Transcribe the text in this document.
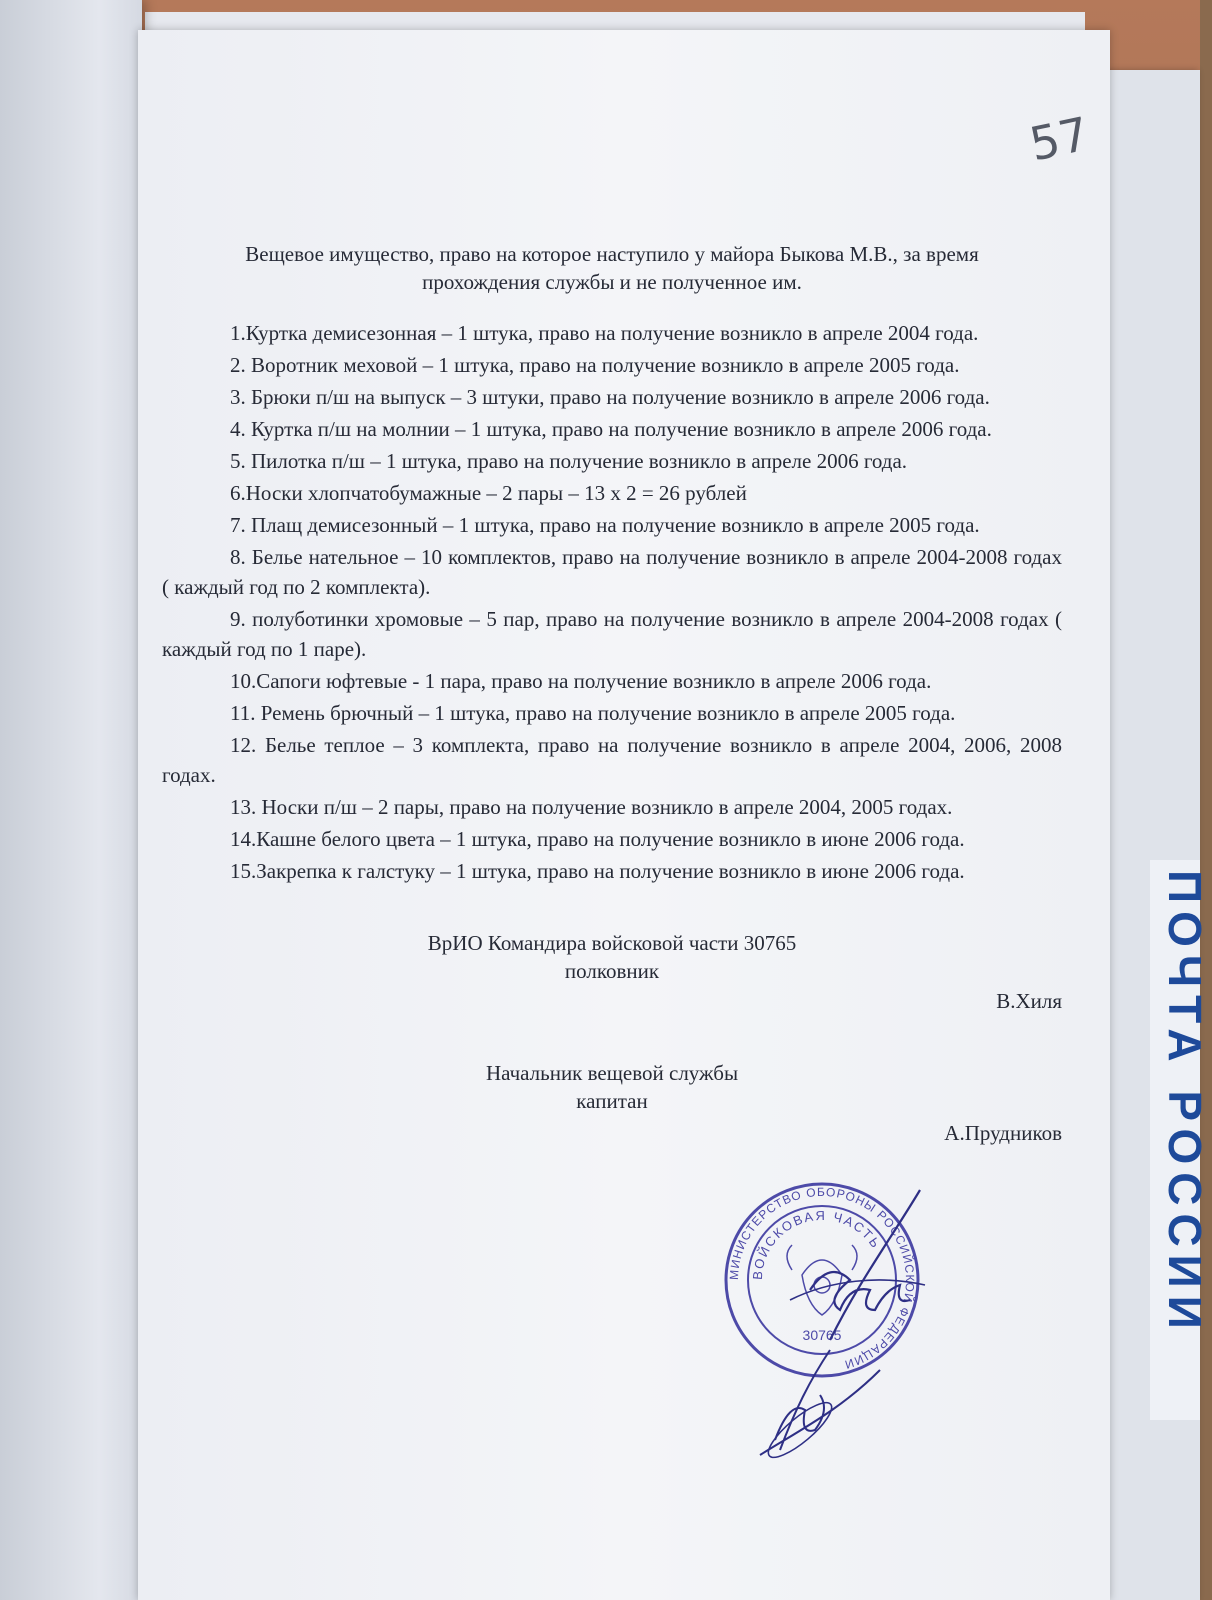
ПОЧТА РОССИИ
57
Вещевое имущество, право на которое наступило у майора Быкова М.В., за время прохождения службы и не полученное им.
1.Куртка демисезонная – 1 штука, право на получение возникло в апреле 2004 года.
2. Воротник меховой – 1 штука, право на получение возникло в апреле 2005 года.
3. Брюки п/ш на выпуск – 3 штуки, право на получение возникло в апреле 2006 года.
4. Куртка п/ш на молнии – 1 штука, право на получение возникло в апреле 2006 года.
5. Пилотка п/ш – 1 штука, право на получение возникло в апреле 2006 года.
6.Носки хлопчатобумажные – 2 пары – 13 х 2 = 26 рублей
7. Плащ демисезонный – 1 штука, право на получение возникло в апреле 2005 года.
8. Белье нательное – 10 комплектов, право на получение возникло в апреле 2004-2008 годах ( каждый год по 2 комплекта).
9. полуботинки хромовые – 5 пар, право на получение возникло в апреле 2004-2008 годах ( каждый год по 1 паре).
10.Сапоги юфтевые - 1 пара, право на получение возникло в апреле 2006 года.
11. Ремень брючный – 1 штука, право на получение возникло в апреле 2005 года.
12. Белье теплое – 3 комплекта, право на получение возникло в апреле 2004, 2006, 2008 годах.
13. Носки п/ш – 2 пары, право на получение возникло в апреле 2004, 2005 годах.
14.Кашне белого цвета – 1 штука, право на получение возникло в июне 2006 года.
15.Закрепка к галстуку – 1 штука, право на получение возникло в июне 2006 года.
ВрИО Командира войсковой части 30765
полковник
В.Хиля
Начальник вещевой службы
капитан
А.Прудников
МИНИСТЕРСТВО ОБОРОНЫ РОССИЙСКОЙ ФЕДЕРАЦИИ
ВОЙСКОВАЯ ЧАСТЬ
30765
